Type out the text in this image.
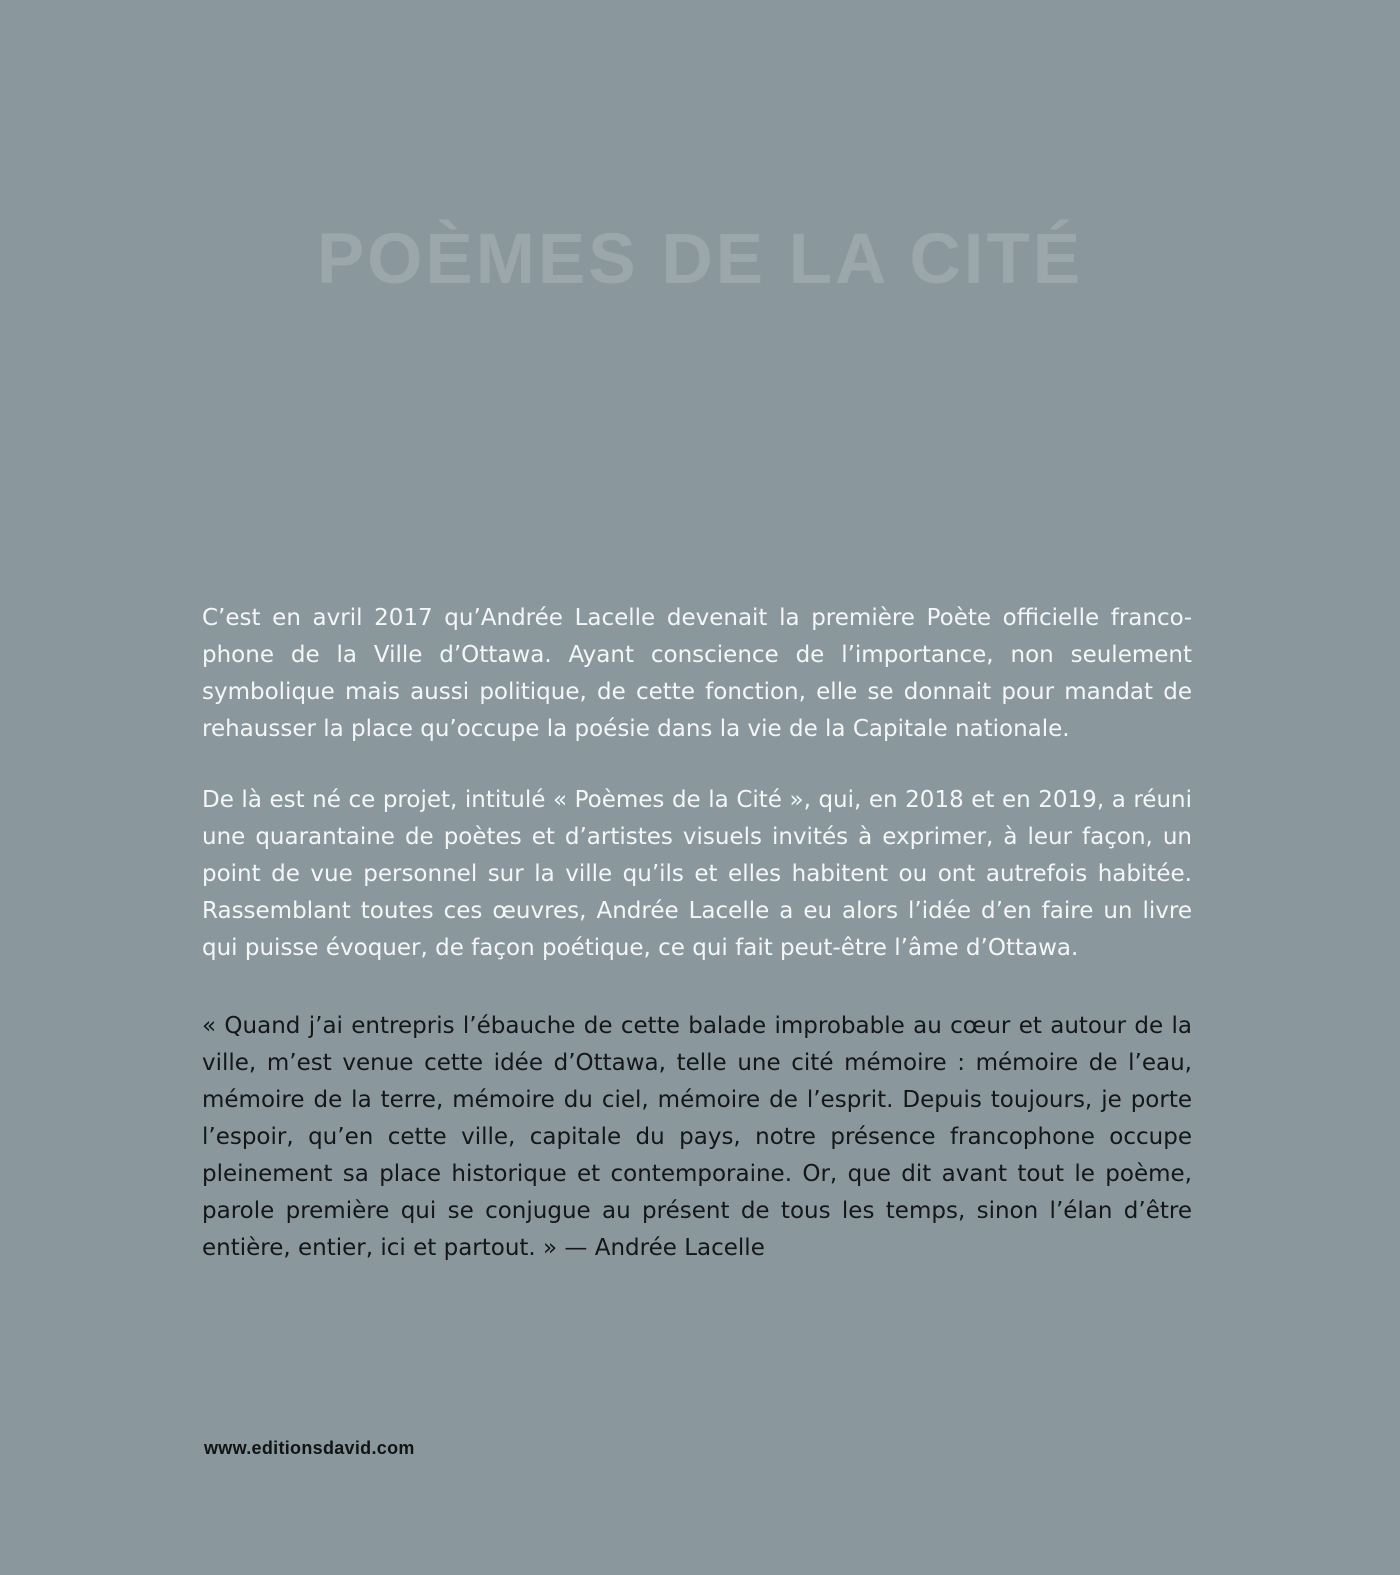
POÈMES DE LA CITÉ

C’est en avril 2017 qu’Andrée Lacelle devenait la première Poète officielle francophone de la Ville d’Ottawa. Ayant conscience de l’importance, non seulement symbolique mais aussi politique, de cette fonction, elle se donnait pour mandat de rehausser la place qu’occupe la poésie dans la vie de la Capitale nationale.

De là est né ce projet, intitulé « Poèmes de la Cité », qui, en 2018 et en 2019, a réuni une quarantaine de poètes et d’artistes visuels invités à exprimer, à leur façon, un point de vue personnel sur la ville qu’ils et elles habitent ou ont autrefois habitée. Rassemblant toutes ces œuvres, Andrée Lacelle a eu alors l’idée d’en faire un livre qui puisse évoquer, de façon poétique, ce qui fait peut-être l’âme d’Ottawa.

« Quand j’ai entrepris l’ébauche de cette balade improbable au cœur et autour de la ville, m’est venue cette idée d’Ottawa, telle une cité mémoire : mémoire de l’eau, mémoire de la terre, mémoire du ciel, mémoire de l’esprit. Depuis toujours, je porte l’espoir, qu’en cette ville, capitale du pays, notre présence francophone occupe pleinement sa place historique et contemporaine. Or, que dit avant tout le poème, parole première qui se conjugue au présent de tous les temps, sinon l’élan d’être entière, entier, ici et partout. » — Andrée Lacelle

www.editionsdavid.com
